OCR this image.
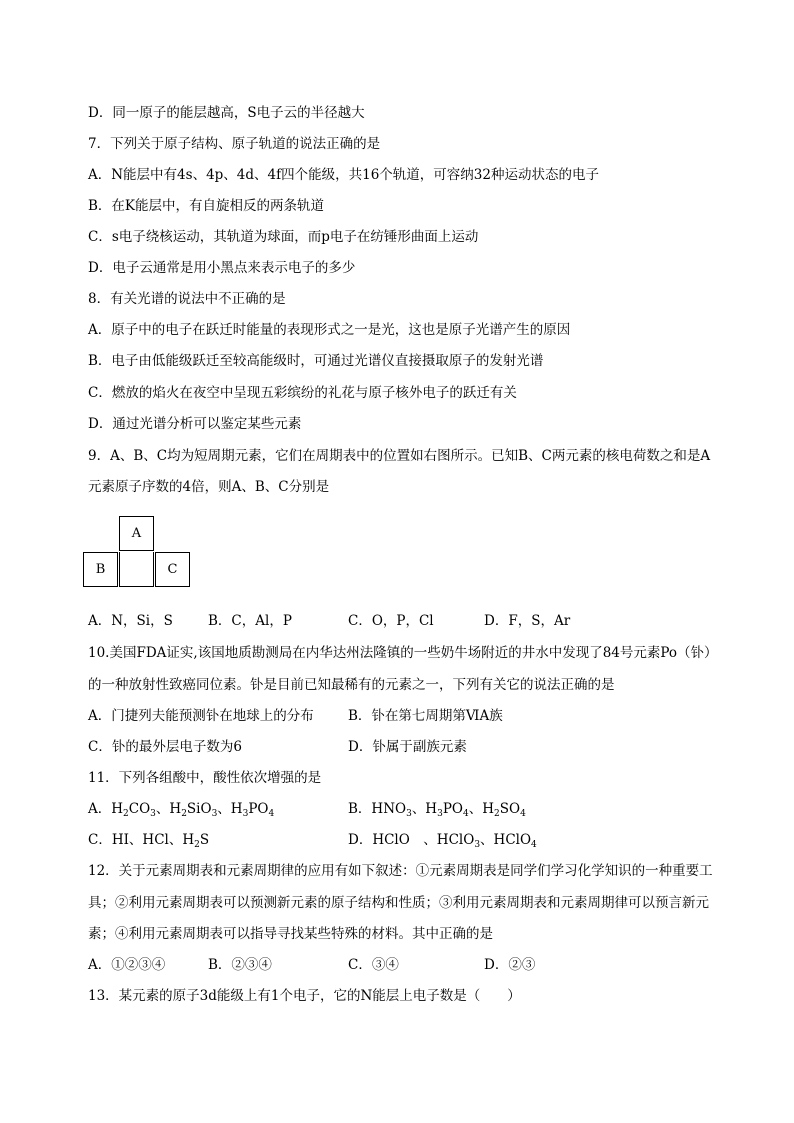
D．同一原子的能层越高，S电子云的半径越大
7．下列关于原子结构、原子轨道的说法正确的是
A．N能层中有4s、4p、4d、4f四个能级，共16个轨道，可容纳32种运动状态的电子
B．在K能层中，有自旋相反的两条轨道
C．s电子绕核运动，其轨道为球面，而p电子在纺锤形曲面上运动
D．电子云通常是用小黑点来表示电子的多少
8．有关光谱的说法中不正确的是
A．原子中的电子在跃迁时能量的表现形式之一是光，这也是原子光谱产生的原因
B．电子由低能级跃迁至较高能级时，可通过光谱仪直接摄取原子的发射光谱
C．燃放的焰火在夜空中呈现五彩缤纷的礼花与原子核外电子的跃迁有关
D．通过光谱分析可以鉴定某些元素
9．A、B、C均为短周期元素，它们在周期表中的位置如右图所示。已知B、C两元素的核电荷数之和是A
元素原子序数的4倍，则A、B、C分别是
A
B	C
A．N，Si，S	B．C，Al，P	C．O，P，Cl	D．F，S，Ar
10.美国FDA证实,该国地质勘测局在内华达州法隆镇的一些奶牛场附近的井水中发现了84号元素Po（钋）
的一种放射性致癌同位素。钋是目前已知最稀有的元素之一，下列有关它的说法正确的是
A．门捷列夫能预测钋在地球上的分布	B．钋在第七周期第ⅥA族
C．钋的最外层电子数为6	D．钋属于副族元素
11．下列各组酸中，酸性依次增强的是
A．$H_2CO_3$、$H_2SiO_3$、$H_3PO_4$	B．$HNO_3$、$H_3PO_4$、$H_2SO_4$
C．HI、HCl、$H_2S$	D．HClO　、HClO$_3$、HClO$_4$
12．关于元素周期表和元素周期律的应用有如下叙述：①元素周期表是同学们学习化学知识的一种重要工
具；②利用元素周期表可以预测新元素的原子结构和性质；③利用元素周期表和元素周期律可以预言新元
素；④利用元素周期表可以指导寻找某些特殊的材料。其中正确的是
A．①②③④	B．②③④	C．③④	D．②③
13．某元素的原子3d能级上有1个电子，它的N能层上电子数是（　　）
